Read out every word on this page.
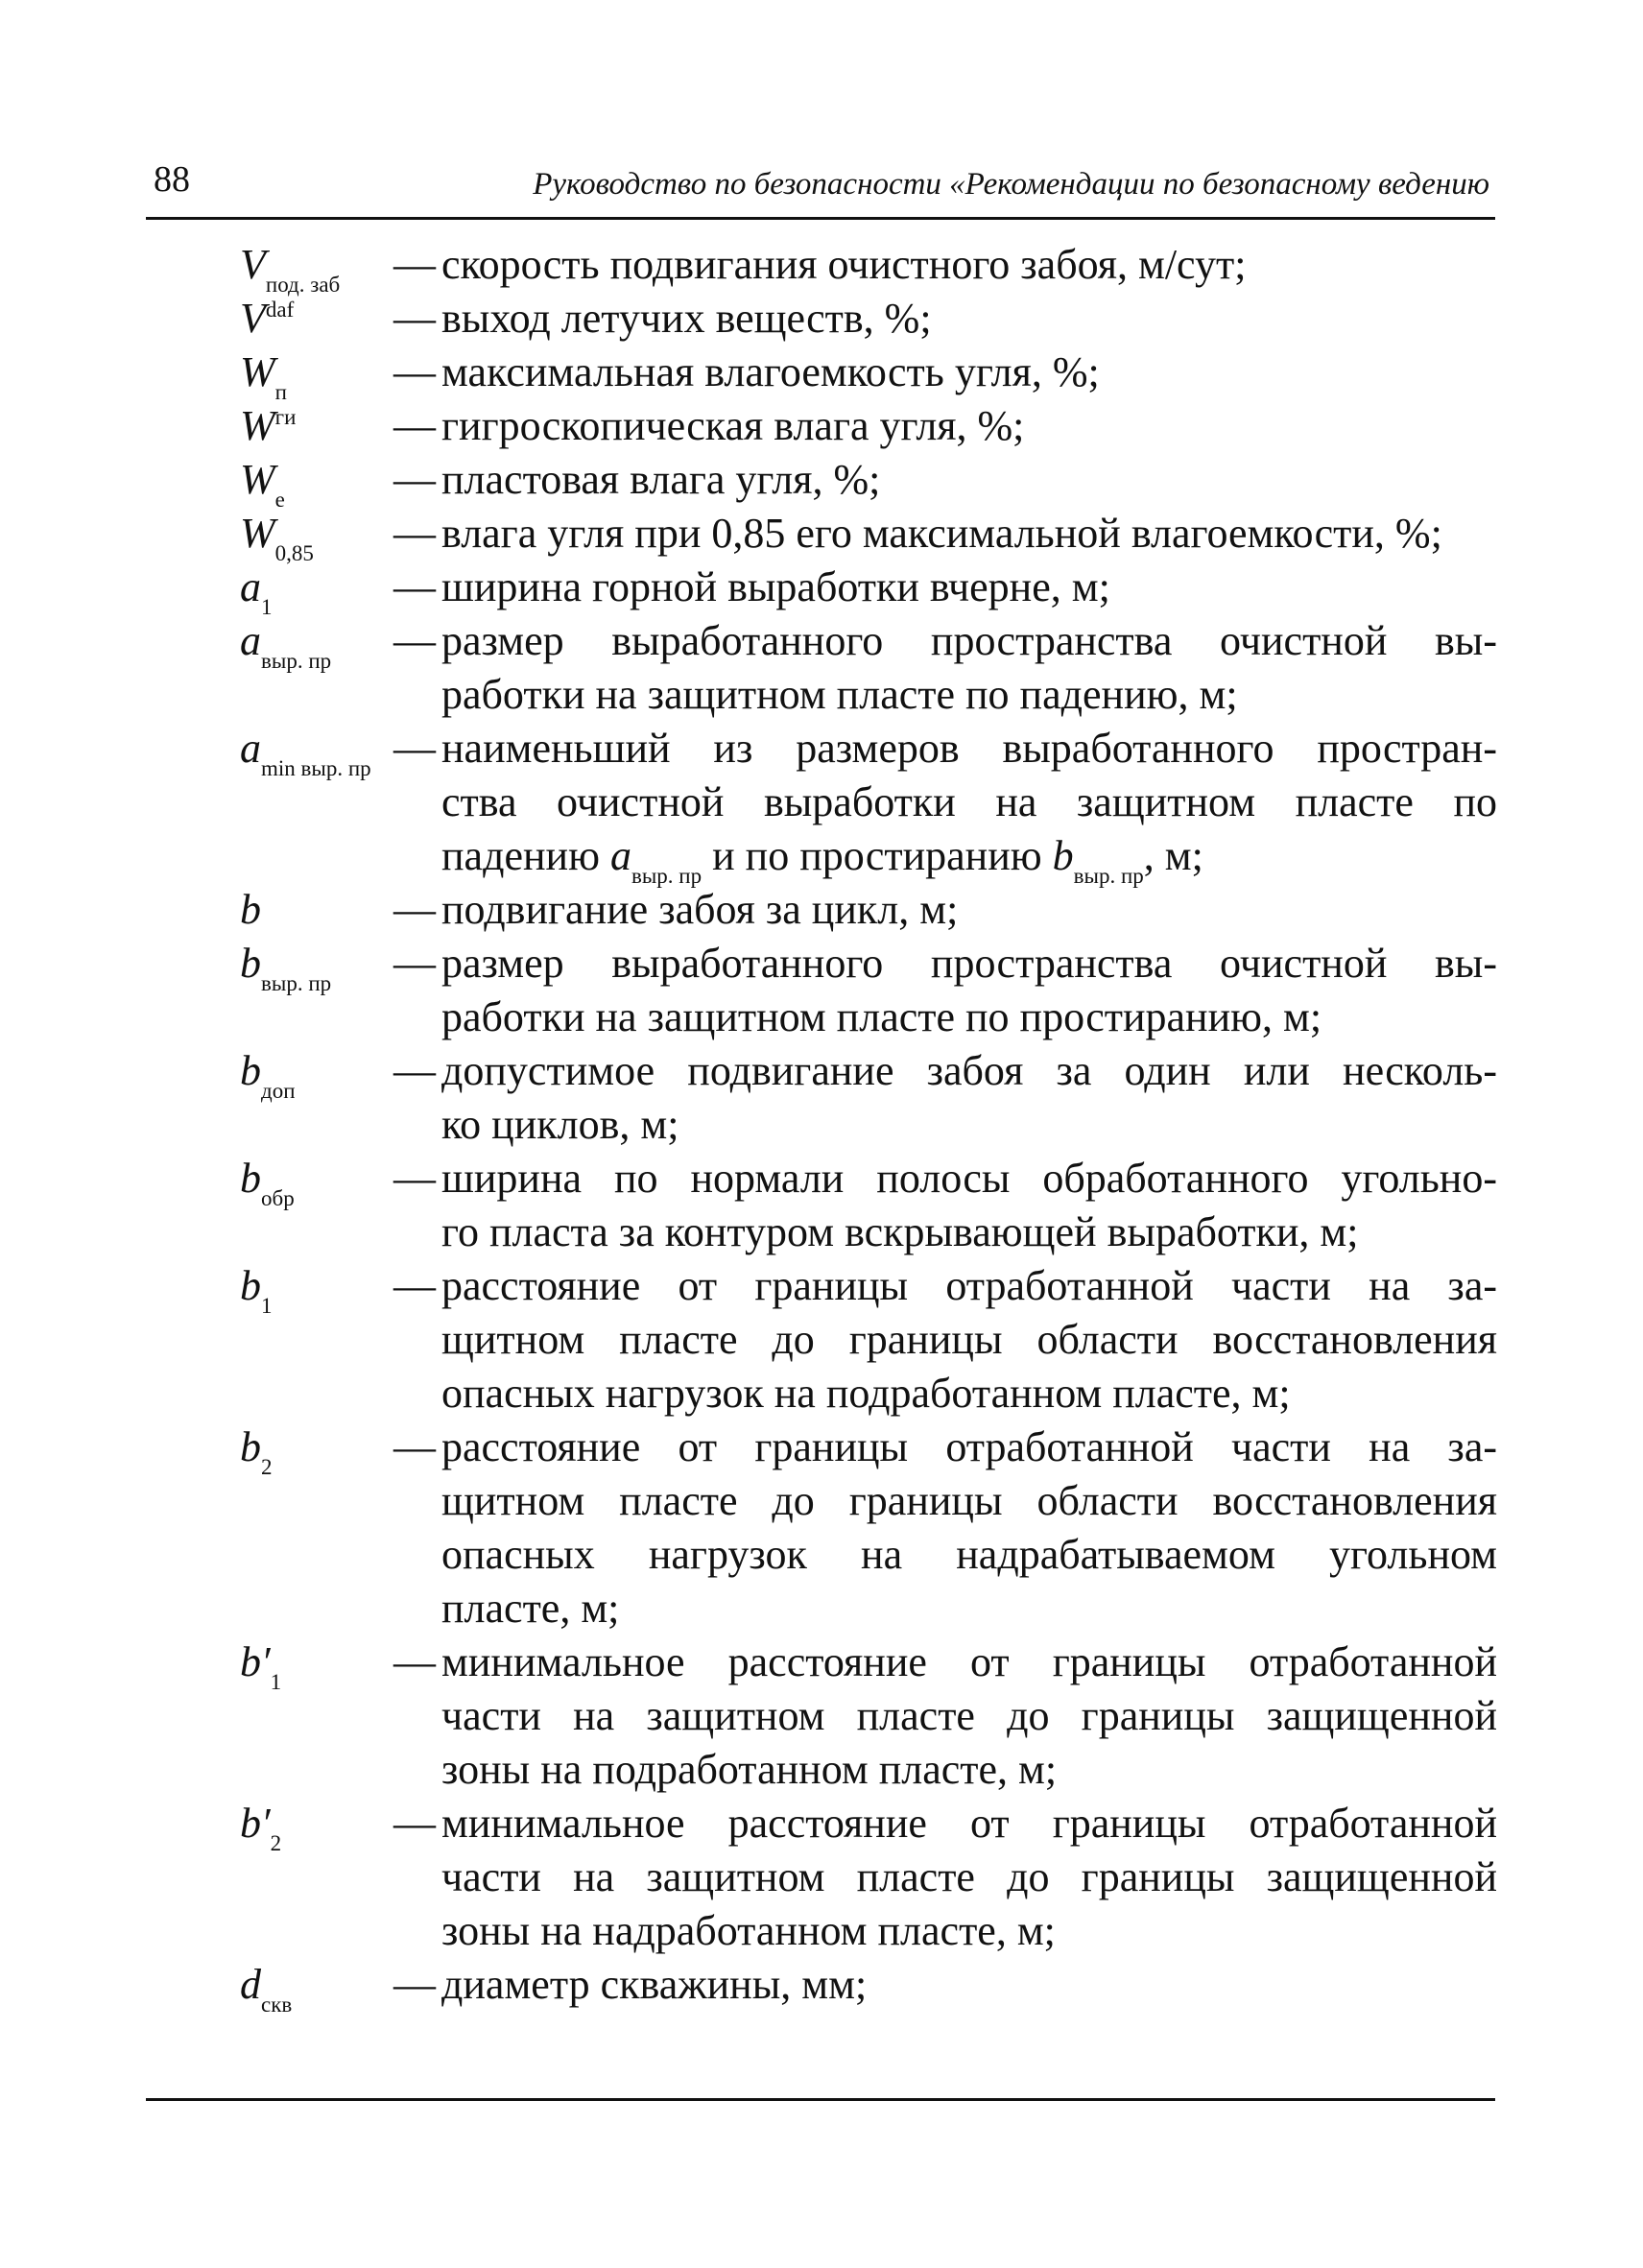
88	Руководство по безопасности «Рекомендации по безопасному ведению
$V_{под. заб}$	— скорость подвигания очистного забоя, м/сут;
$V^{daf}$	— выход летучих веществ, %;
$W_п$	— максимальная влагоемкость угля, %;
$W^{ги}$	— гигроскопическая влага угля, %;
$W_е$	— пластовая влага угля, %;
$W_{0,85}$	— влага угля при 0,85 его максимальной влагоемкости, %;
$a_1$	— ширина горной выработки вчерне, м;
$a_{выр. пр}$	— размер выработанного пространства очистной вы-
работки на защитном пласте по падению, м;
$a_{min выр. пр}$ — наименьший из размеров выработанного простран-
ства очистной выработки на защитном пласте по
падению $a_{выр. пр}$ и по простиранию $b_{выр. пр}$, м;
b	— подвигание забоя за цикл, м;
$b_{выр. пр}$	— размер выработанного пространства очистной вы-
работки на защитном пласте по простиранию, м;
$b_{доп}$	— допустимое подвигание забоя за один или несколь-
ко циклов, м;
$b_{обр}$	— ширина по нормали полосы обработанного угольно-
го пласта за контуром вскрывающей выработки, м;
$b_1$	— расстояние от границы отработанной части на за-
щитном пласте до границы области восстановления
опасных нагрузок на подработанном пласте, м;
$b_2$	— расстояние от границы отработанной части на за-
щитном пласте до границы области восстановления
опасных нагрузок на надрабатываемом угольном
пласте, м;
$b'_1$	— минимальное расстояние от границы отработанной
части на защитном пласте до границы защищенной
зоны на подработанном пласте, м;
$b'_2$	— минимальное расстояние от границы отработанной
части на защитном пласте до границы защищенной
зоны на надработанном пласте, м;
$d_{скв}$	— диаметр скважины, мм;
